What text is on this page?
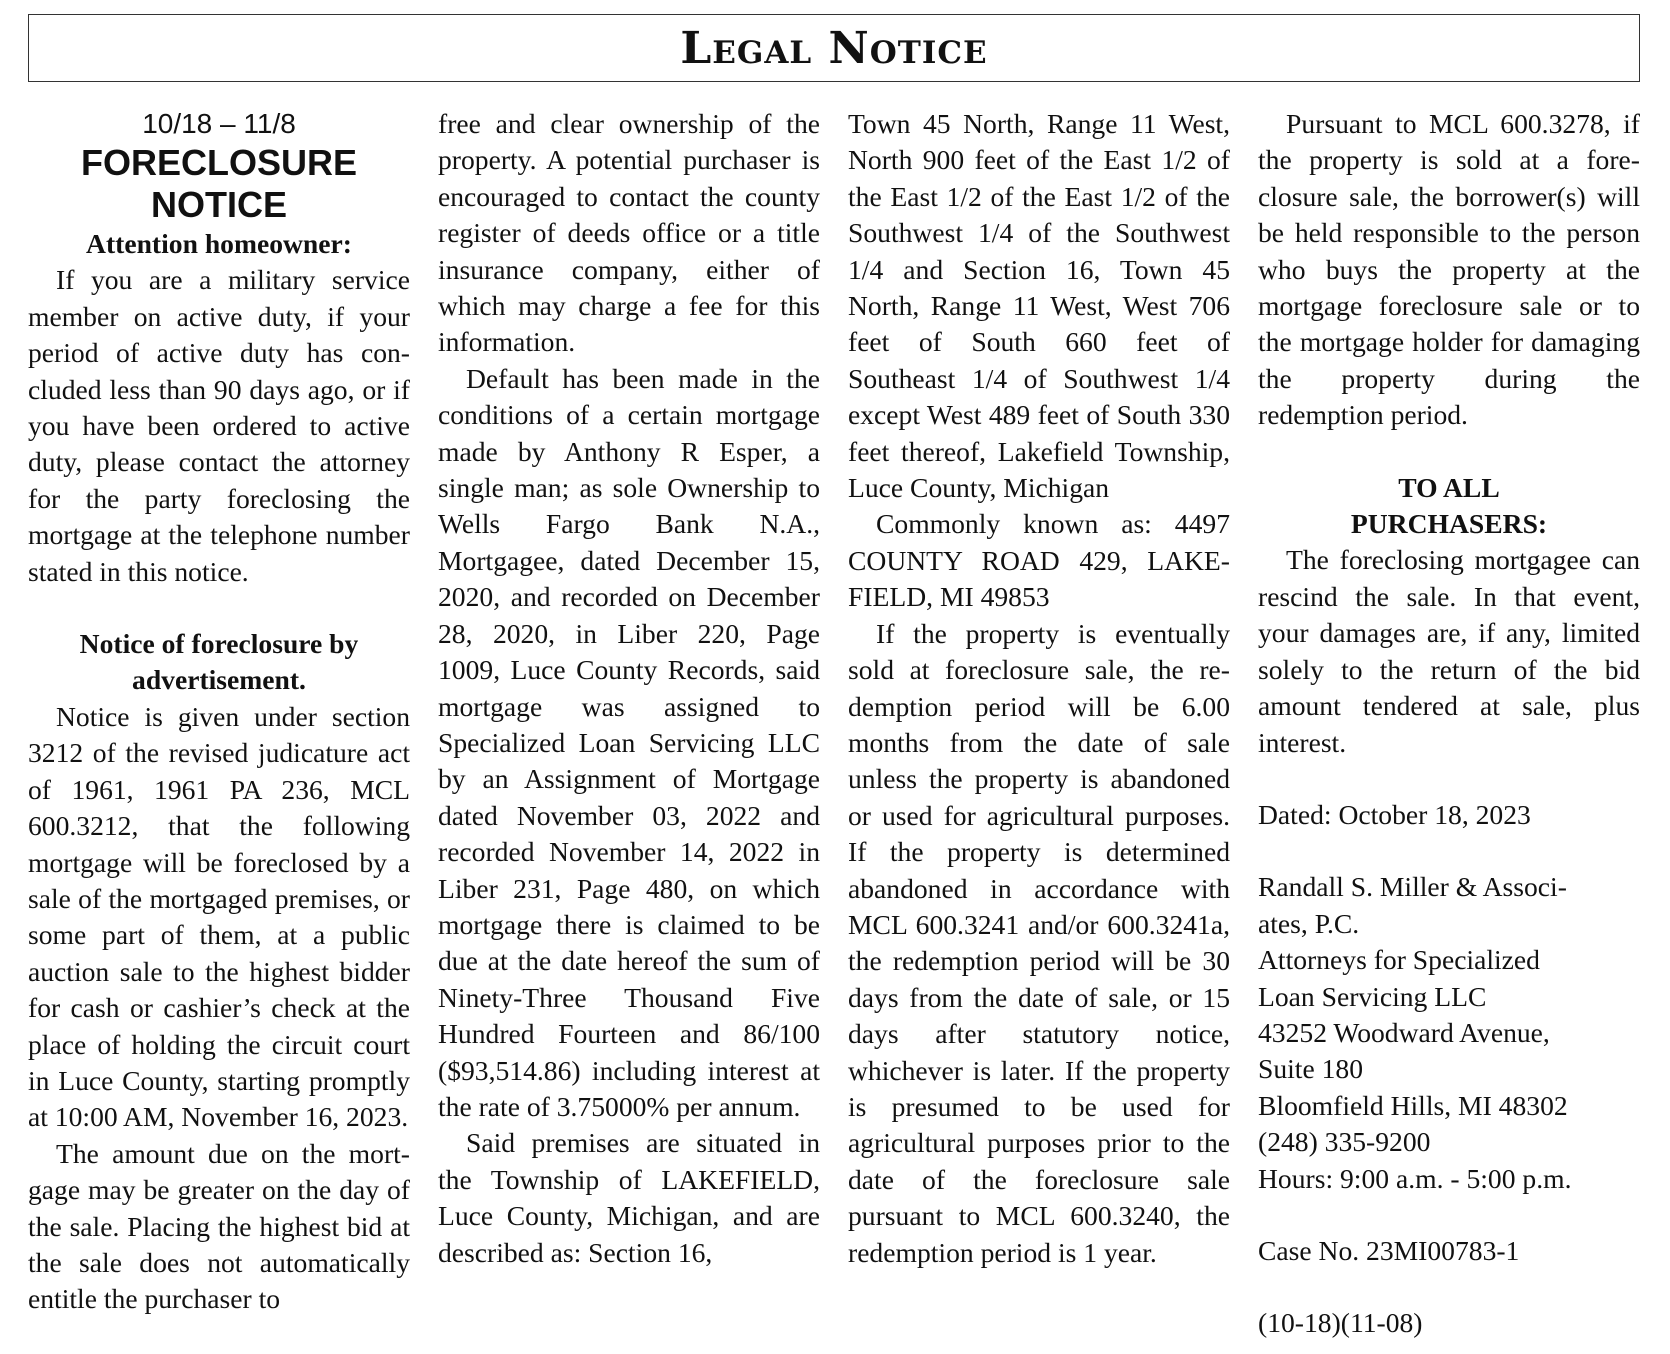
Legal Notice
10/18 – 11/8
FORECLOSURE
NOTICE
Attention homeowner:

If you are a military service member on active duty, if your period of active duty has concluded less than 90 days ago, or if you have been ordered to active duty, please contact the attorney for the party foreclosing the mortgage at the telephone number stated in this notice.

Notice of foreclosure by
advertisement.

Notice is given under section 3212 of the revised judicature act of 1961, 1961 PA 236, MCL 600.3212, that the following mortgage will be foreclosed by a sale of the mortgaged premises, or some part of them, at a public auction sale to the highest bidder for cash or cashier’s check at the place of holding the circuit court in Luce County, starting promptly at 10:00 AM, November 16, 2023.

The amount due on the mortgage may be greater on the day of the sale. Placing the highest bid at the sale does not automatically entitle the purchaser to

free and clear ownership of the property. A potential purchaser is encouraged to contact the county register of deeds office or a title insurance company, either of which may charge a fee for this information.

Default has been made in the conditions of a certain mortgage made by Anthony R Esper, a single man; as sole Ownership to Wells Fargo Bank N.A., Mortgagee, dated December 15, 2020, and recorded on December 28, 2020, in Liber 220, Page 1009, Luce County Records, said mortgage was assigned to Specialized Loan Servicing LLC by an Assignment of Mortgage dated November 03, 2022 and recorded November 14, 2022 in Liber 231, Page 480, on which mortgage there is claimed to be due at the date hereof the sum of Ninety-Three Thousand Five Hundred Fourteen and 86/100 ($93,514.86) including interest at the rate of 3.75000% per annum.

Said premises are situated in the Township of LAKEFIELD, Luce County, Michigan, and are described as: Section 16,

Town 45 North, Range 11 West, North 900 feet of the East 1/2 of the East 1/2 of the East 1/2 of the Southwest 1/4 of the Southwest 1/4 and Section 16, Town 45 North, Range 11 West, West 706 feet of South 660 feet of Southeast 1/4 of Southwest 1/4 except West 489 feet of South 330 feet thereof, Lakefield Township, Luce County, Michigan

Commonly known as: 4497 COUNTY ROAD 429, LAKEFIELD, MI 49853

If the property is eventually sold at foreclosure sale, the redemption period will be 6.00 months from the date of sale unless the property is abandoned or used for agricultural purposes. If the property is determined abandoned in accordance with MCL 600.3241 and/or 600.3241a, the redemption period will be 30 days from the date of sale, or 15 days after statutory notice, whichever is later. If the property is presumed to be used for agricultural purposes prior to the date of the foreclosure sale pursuant to MCL 600.3240, the redemption period is 1 year.

Pursuant to MCL 600.3278, if the property is sold at a foreclosure sale, the borrower(s) will be held responsible to the person who buys the property at the mortgage foreclosure sale or to the mortgage holder for damaging the property during the redemption period.

TO ALL
PURCHASERS:

The foreclosing mortgagee can rescind the sale. In that event, your damages are, if any, limited solely to the return of the bid amount tendered at sale, plus interest.

Dated: October 18, 2023
Randall S. Miller & Associ-
ates, P.C.
Attorneys for Specialized
Loan Servicing LLC
43252 Woodward Avenue,
Suite 180
Bloomfield Hills, MI 48302
(248) 335-9200
Hours: 9:00 a.m. - 5:00 p.m.
Case No. 23MI00783-1
(10-18)(11-08)
